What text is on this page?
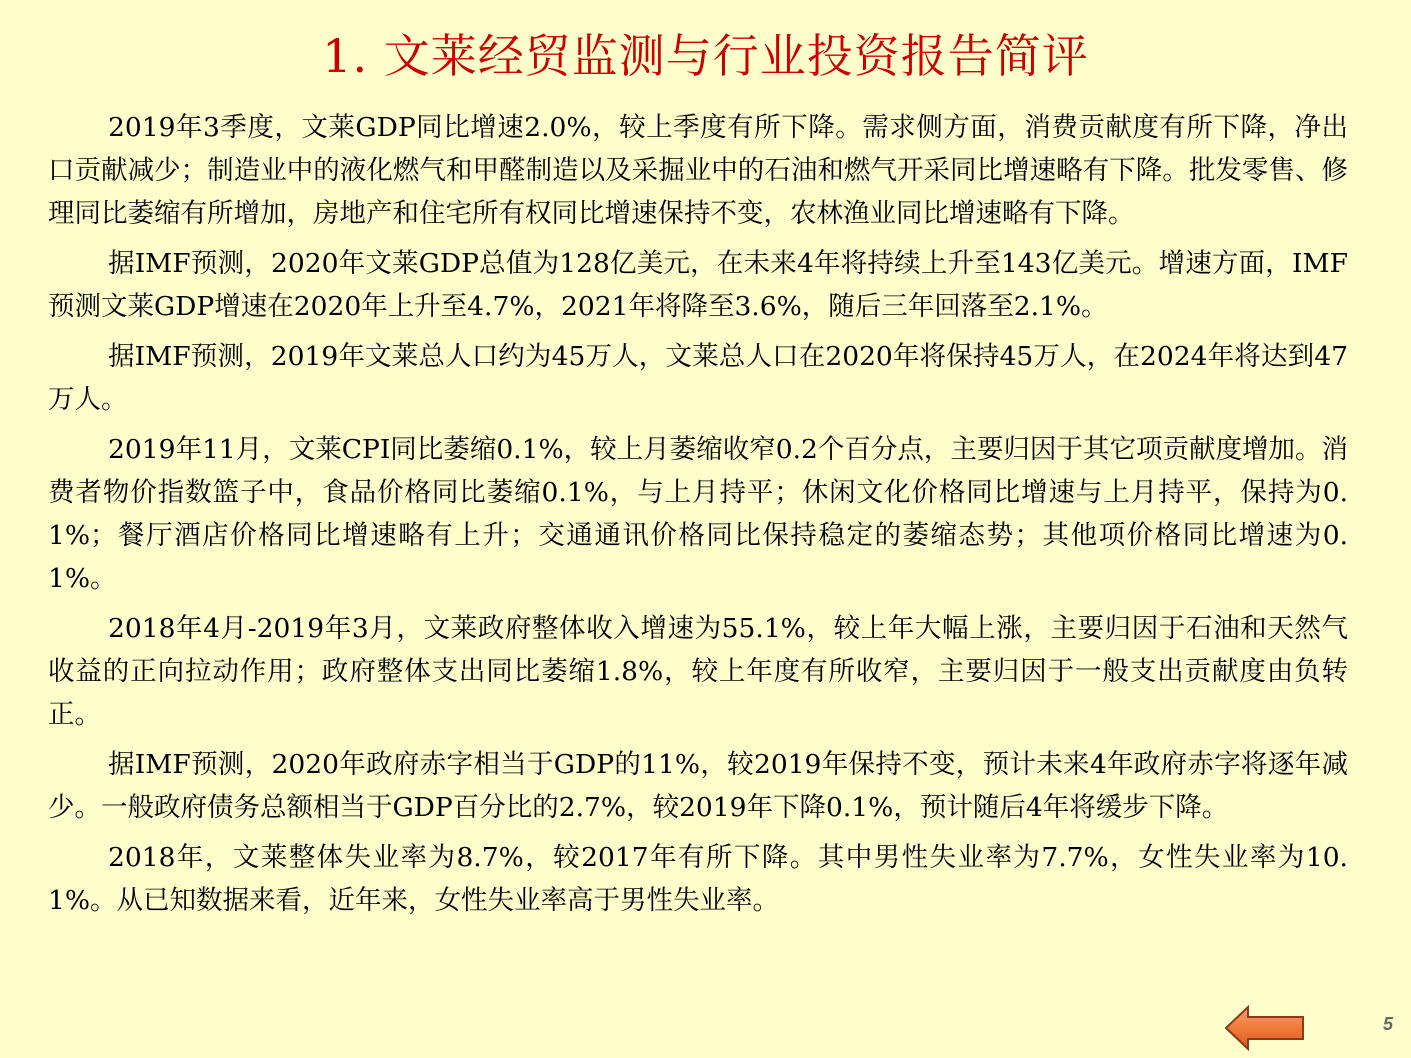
1. 文莱经贸监测与行业投资报告简评

2019年3季度，文莱GDP同比增速2.0%，较上季度有所下降。需求侧方面，消费贡献度有所下降，净出口贡献减少；制造业中的液化燃气和甲醛制造以及采掘业中的石油和燃气开采同比增速略有下降。批发零售、修理同比萎缩有所增加，房地产和住宅所有权同比增速保持不变，农林渔业同比增速略有下降。

据IMF预测，2020年文莱GDP总值为128亿美元，在未来4年将持续上升至143亿美元。增速方面，IMF预测文莱GDP增速在2020年上升至4.7%，2021年将降至3.6%，随后三年回落至2.1%。

据IMF预测，2019年文莱总人口约为45万人，文莱总人口在2020年将保持45万人，在2024年将达到47万人。

2019年11月，文莱CPI同比萎缩0.1%，较上月萎缩收窄0.2个百分点，主要归因于其它项贡献度增加。消费者物价指数篮子中，食品价格同比萎缩0.1%，与上月持平；休闲文化价格同比增速与上月持平，保持为0.1%；餐厅酒店价格同比增速略有上升；交通通讯价格同比保持稳定的萎缩态势；其他项价格同比增速为0.1%。

2018年4月-2019年3月，文莱政府整体收入增速为55.1%，较上年大幅上涨，主要归因于石油和天然气收益的正向拉动作用；政府整体支出同比萎缩1.8%，较上年度有所收窄，主要归因于一般支出贡献度由负转正。

据IMF预测，2020年政府赤字相当于GDP的11%，较2019年保持不变，预计未来4年政府赤字将逐年减少。一般政府债务总额相当于GDP百分比的2.7%，较2019年下降0.1%，预计随后4年将缓步下降。

2018年，文莱整体失业率为8.7%，较2017年有所下降。其中男性失业率为7.7%，女性失业率为10.1%。从已知数据来看，近年来，女性失业率高于男性失业率。

5
